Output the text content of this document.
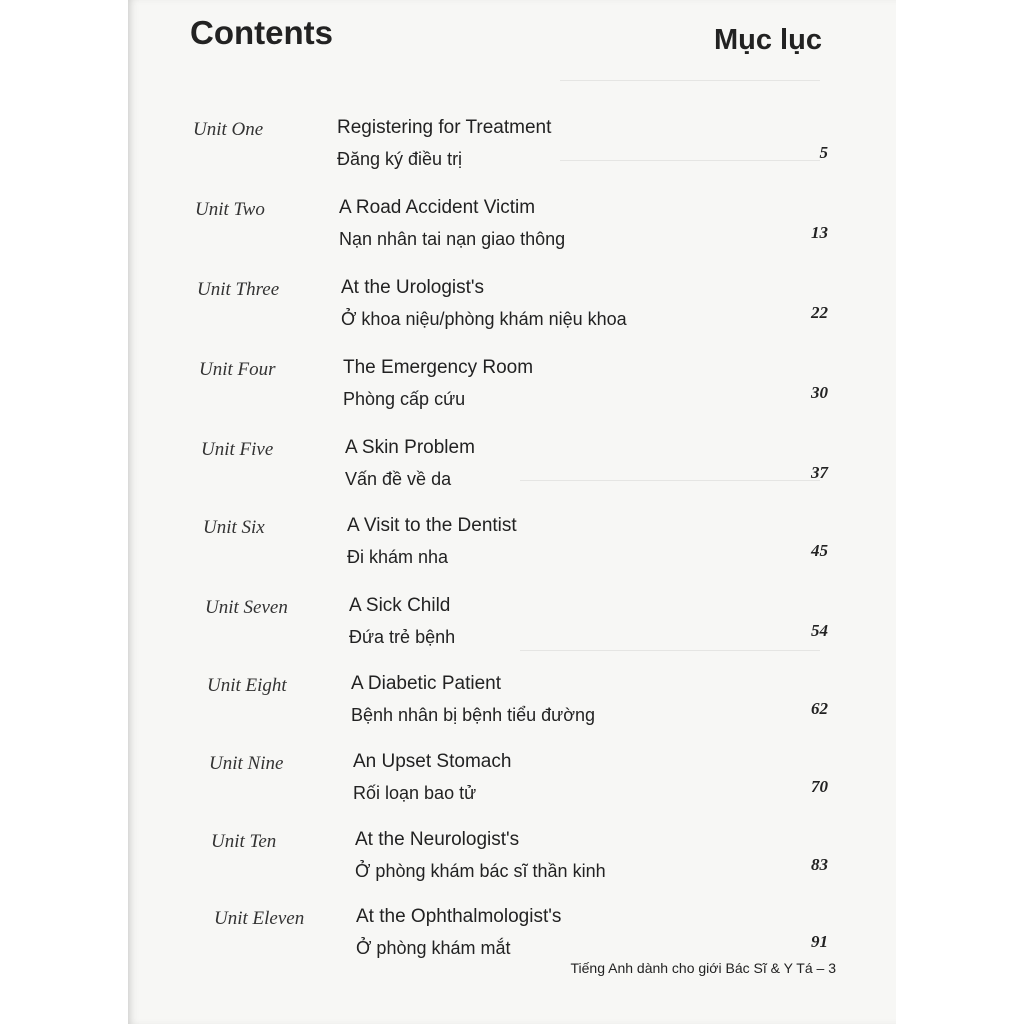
Contents	Mục lục
Unit One	Registering for Treatment
Đăng ký điều trị	5
Unit Two	A Road Accident Victim
Nạn nhân tai nạn giao thông	13
Unit Three	At the Urologist's
Ở khoa niệu/phòng khám niệu khoa	22
Unit Four	The Emergency Room
Phòng cấp cứu	30
Unit Five	A Skin Problem
Vấn đề về da	37
Unit Six	A Visit to the Dentist
Đi khám nha	45
Unit Seven	A Sick Child
Đứa trẻ bệnh	54
Unit Eight	A Diabetic Patient
Bệnh nhân bị bệnh tiểu đường	62
Unit Nine	An Upset Stomach
Rối loạn bao tử	70
Unit Ten	At the Neurologist's
Ở phòng khám bác sĩ thần kinh	83
Unit Eleven	At the Ophthalmologist's
Ở phòng khám mắt	91
Tiếng Anh dành cho giới Bác Sĩ & Y Tá – 3
